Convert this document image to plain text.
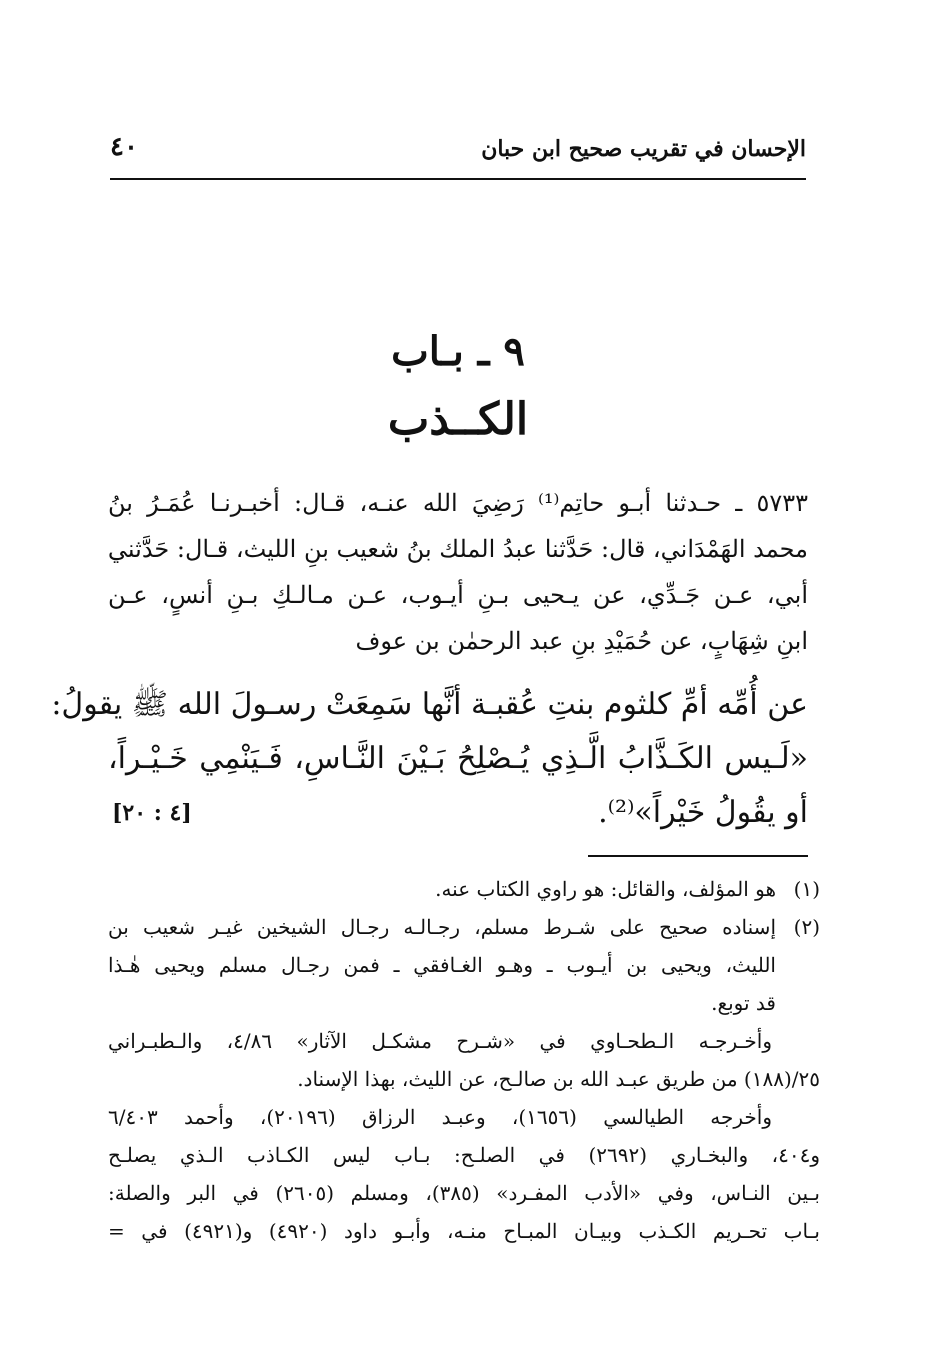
الإحسان في تقريب صحيح ابن حبان
٤٠
٩ ـ بـاب
الكــذب
٥٧٣٣ ـ حـدثنا أبـو حاتِم⁽¹⁾ رَضِيَ الله عنـه، قـال: أخبـرنـا عُمَـرُ بنُ
محمد الهَمْدَاني، قال: حَدَّثنا عبدُ الملك بنُ شعيب بنِ الليث، قـال: حَدَّثني
أبي، عـن جَـدِّي، عن يـحيى بـنِ أيـوب، عـن مـالـكِ بـنِ أنسٍ، عـن
ابنِ شِهَابٍ، عن حُمَيْدِ بنِ عبد الرحمٰن بن عوف
عن أُمِّه أمِّ كلثوم بنتِ عُقبـة أنَّها سَمِعَتْ رسـولَ الله ﷺ يقولُ:
«لَـيس الكَـذَّابُ الَّـذِي يُـصْلِحُ بَـيْنَ النَّـاسِ، فَـيَنْمِي خَـيْـراً،
أو يقُولُ خَيْراً»⁽²⁾.
[٤ : ٢٠]
(١)
هو المؤلف، والقائل: هو راوي الكتاب عنه.
(٢)
إسناده صحيح على شـرط مسلم، رجـالـه رجـال الشيخين غيـر شعيب بن
الليث، ويحيى بن أيـوب ـ وهـو الغـافقي ـ فمن رجـال مسلم ويحيى هٰـذا
قد توبع.
وأخـرجـه الـطحـاوي في «شـرح مشكـل الآثار» ٤/٨٦، والـطبـراني
٢٥/(١٨٨) من طريق عبـد الله بن صالـح، عن الليث، بهذا الإسناد.
وأخرجه الطيالسي (١٦٥٦)، وعبـد الرزاق (٢٠١٩٦)، وأحمد ٦/٤٠٣
و٤٠٤، والبخـاري (٢٦٩٢) في الصلـح: بـاب ليس الكـاذب الـذي يصلـح
بـين النـاس، وفي «الأدب المفـرد» (٣٨٥)، ومسلم (٢٦٠٥) في البر والصلة:
بـاب تحـريم الكـذب وبيـان المبـاح منـه، وأبـو داود (٤٩٢٠) و(٤٩٢١) في =
